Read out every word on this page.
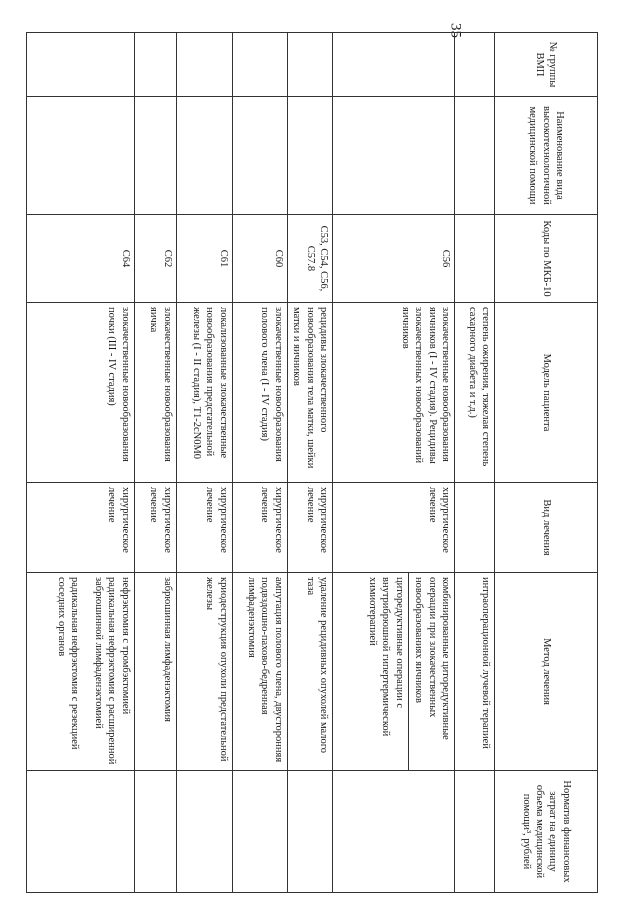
35
№ группы ВМП	Наименование вида высокотехнологичной медицинской помощи	Коды по МКБ-10	Модель пациента	Вид лечения	Метод лечения	Норматив финансовых затрат на единицу объема медицинской помощи³, рублей
			степень ожирения, тяжелая степень сахарного диабета и т.д.)		интраоперационной лучевой терапией	
		C56	злокачественные новообразования яичников (I - IV стадия). Рецидивы злокачественных новообразований яичников	хирургическое лечение	комбинированные циторедуктивные операции при злокачественных новообразованиях яичников
циторедуктивные операции с внутрибрюшной гипертермической химиотерапией	

		C53, C54, C56, C57.8	рецидивы злокачественного новообразования тела матки, шейки матки и яичников	хирургическое лечение	удаление рецидивных опухолей малого таза	
		C60	злокачественные новообразования полового члена (I - IV стадия)	хирургическое лечение	ампутация полового члена, двусторонняя подвздошно-пахово-бедренная лимфаденэктомия	
		C61	локализованные злокачественные новообразования предстательной железы (I - II стадия), T1-2cN0M0	хирургическое лечение	криодеструкция опухоли предстательной железы	
		C62	злокачественные новообразования яичка	хирургическое лечение	забрюшинная лимфаденэктомия	
		C64	злокачественные новообразования почки (III - IV стадия)	хирургическое лечение	нефрэктомия с тромбэктомией
радикальная нефрэктомия с расширенной забрюшинной лимфаденэктомией
радикальная нефрэктомия с резекцией соседних органов	
